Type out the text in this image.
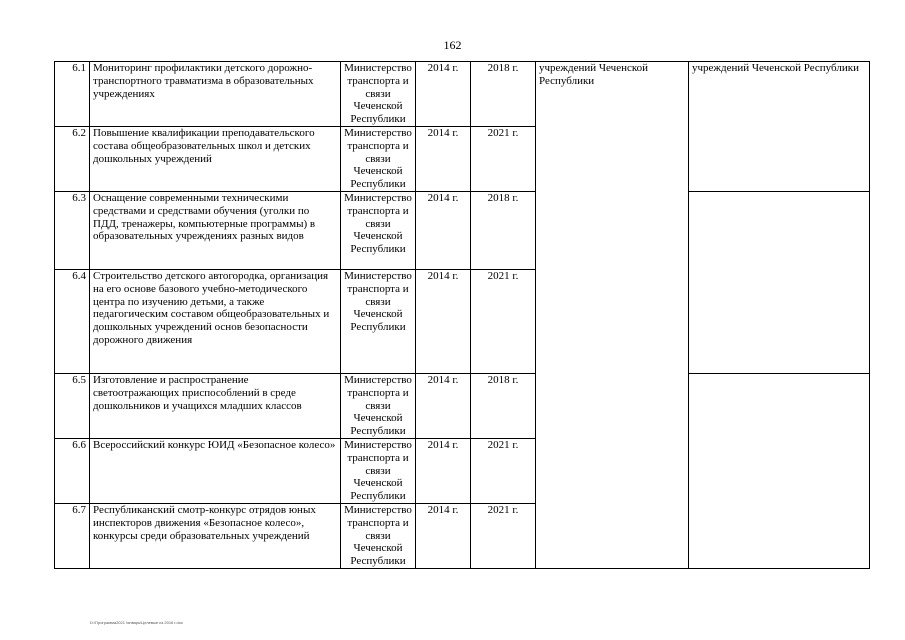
162
6.1	Мониторинг профилактики детского дорожно-транспортного травматизма в образовательных учреждениях	Министерство транспорта и связи Чеченской Республики	2014 г.	2018 г.	учреждений Чеченской Республики	учреждений Чеченской Республики
6.2	Повышение квалификации преподавательского состава общеобразовательных школ и детских дошкольных учреждений	Министерство транспорта и связи Чеченской Республики	2014 г.	2021 г.		
6.3	Оснащение современными техническими средствами и средствами обучения (уголки по ПДД, тренажеры, компьютерные программы) в образовательных учреждениях разных видов	Министерство транспорта и связи Чеченской Республики	2014 г.	2018 г.		
6.4	Строительство детского автогородка, организация на его основе базового учебно-методического центра по изучению детьми, а также педагогическим составом общеобразовательных и дошкольных учреждений основ безопасности дорожного движения	Министерство транспорта и связи Чеченской Республики	2014 г.	2021 г.		
6.5	Изготовление и распространение светоотражающих приспособлений в среде дошкольников и учащихся младших классов	Министерство транспорта и связи Чеченской Республики	2014 г.	2018 г.		
6.6	Всероссийский конкурс ЮИД «Безопасное колесо»	Министерство транспорта и связи Чеченской Республики	2014 г.	2021 г.		
6.7	Республиканский смотр-конкурс отрядов юных инспекторов движения «Безопасное колесо», конкурсы среди образовательных учреждений	Министерство транспорта и связи Чеченской Республики	2014 г.	2021 г.		
D:\Программа2021 \январь\Целевые из 2016 г.doc
